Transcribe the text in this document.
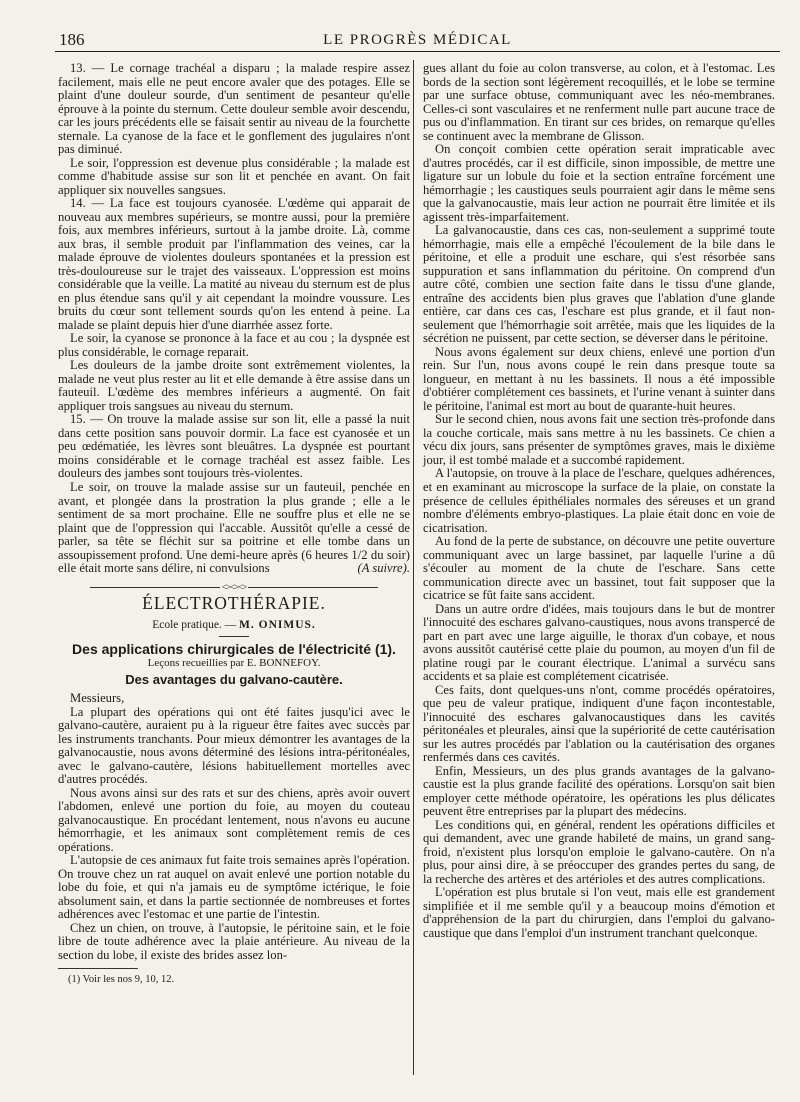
186	LE PROGRÈS MÉDICAL

13. — Le cornage trachéal a disparu ; la malade respire assez facilement, mais elle ne peut encore avaler que des potages. Elle se plaint d'une douleur sourde, d'un sentiment de pesanteur qu'elle éprouve à la pointe du sternum. Cette douleur semble avoir descendu, car les jours précédents elle se faisait sentir au niveau de la fourchette sternale. La cyanose de la face et le gonflement des jugulaires n'ont pas diminué.

Le soir, l'oppression est devenue plus considérable ; la malade est comme d'habitude assise sur son lit et penchée en avant. On fait appliquer six nouvelles sangsues.

14. — La face est toujours cyanosée. L'œdème qui apparait de nouveau aux membres supérieurs, se montre aussi, pour la première fois, aux membres inférieurs, surtout à la jambe droite. Là, comme aux bras, il semble produit par l'inflammation des veines, car la malade éprouve de violentes douleurs spontanées et la pression est très-douloureuse sur le trajet des vaisseaux. L'oppression est moins considérable que la veille. La matité au niveau du sternum est de plus en plus étendue sans qu'il y ait cependant la moindre voussure. Les bruits du cœur sont tellement sourds qu'on les entend à peine. La malade se plaint depuis hier d'une diarrhée assez forte.

Le soir, la cyanose se prononce à la face et au cou ; la dyspnée est plus considérable, le cornage reparait.

Les douleurs de la jambe droite sont extrêmement violentes, la malade ne veut plus rester au lit et elle demande à être assise dans un fauteuil. L'œdème des membres inférieurs a augmenté. On fait appliquer trois sangsues au niveau du sternum.

15. — On trouve la malade assise sur son lit, elle a passé la nuit dans cette position sans pouvoir dormir. La face est cyanosée et un peu œdématiée, les lèvres sont bleuâtres. La dyspnée est pourtant moins considérable et le cornage trachéal est assez faible. Les douleurs des jambes sont toujours très-violentes.

Le soir, on trouve la malade assise sur un fauteuil, penchée en avant, et plongée dans la prostration la plus grande ; elle a le sentiment de sa mort prochaine. Elle ne souffre plus et elle ne se plaint que de l'oppression qui l'accable. Aussitôt qu'elle a cessé de parler, sa tête se fléchit sur sa poitrine et elle tombe dans un assoupissement profond. Une demi-heure après (6 heures 1/2 du soir) elle était morte sans délire, ni convulsions	(A suivre).

<><><>
ÉLECTROTHÉRAPIE.
Ecole pratique. — M. ONIMUS.
Des applications chirurgicales de l'électricité (1).
Leçons recueillies par E. BONNEFOY.
Des avantages du galvano-cautère.

Messieurs,

La plupart des opérations qui ont été faites jusqu'ici avec le galvano-cautère, auraient pu à la rigueur être faites avec succès par les instruments tranchants. Pour mieux démontrer les avantages de la galvanocaustie, nous avons déterminé des lésions intra-péritonéales, avec le galvano-cautère, lésions habituellement mortelles avec d'autres procédés.

Nous avons ainsi sur des rats et sur des chiens, après avoir ouvert l'abdomen, enlevé une portion du foie, au moyen du couteau galvanocaustique. En procédant lentement, nous n'avons eu aucune hémorrhagie, et les animaux sont complètement remis de ces opérations.

L'autopsie de ces animaux fut faite trois semaines après l'opération. On trouve chez un rat auquel on avait enlevé une portion notable du lobe du foie, et qui n'a jamais eu de symptôme ictérique, le foie absolument sain, et dans la partie sectionnée de nombreuses et fortes adhérences avec l'estomac et une partie de l'intestin.

Chez un chien, on trouve, à l'autopsie, le péritoine sain, et le foie libre de toute adhérence avec la plaie antérieure. Au niveau de la section du lobe, il existe des brides assez lon-

(1) Voir les nos 9, 10, 12.

gues allant du foie au colon transverse, au colon, et à l'estomac. Les bords de la section sont légèrement recoquillés, et le lobe se termine par une surface obtuse, communiquant avec les néo-membranes. Celles-ci sont vasculaires et ne renferment nulle part aucune trace de pus ou d'inflammation. En tirant sur ces brides, on remarque qu'elles se continuent avec la membrane de Glisson.

On conçoit combien cette opération serait impraticable avec d'autres procédés, car il est difficile, sinon impossible, de mettre une ligature sur un lobule du foie et la section entraîne forcément une hémorrhagie ; les caustiques seuls pourraient agir dans le même sens que la galvanocaustie, mais leur action ne pourrait être limitée et ils agissent très-imparfaitement.

La galvanocaustie, dans ces cas, non-seulement a supprimé toute hémorrhagie, mais elle a empêché l'écoulement de la bile dans le péritoine, et elle a produit une eschare, qui s'est résorbée sans suppuration et sans inflammation du péritoine. On comprend d'un autre côté, combien une section faite dans le tissu d'une glande, entraîne des accidents bien plus graves que l'ablation d'une glande entière, car dans ces cas, l'eschare est plus grande, et il faut non-seulement que l'hémorrhagie soit arrêtée, mais que les liquides de la sécrétion ne puissent, par cette section, se déverser dans le péritoine.

Nous avons également sur deux chiens, enlevé une portion d'un rein. Sur l'un, nous avons coupé le rein dans presque toute sa longueur, en mettant à nu les bassinets. Il nous a été impossible d'obtiérer complétement ces bassinets, et l'urine venant à suinter dans le péritoine, l'animal est mort au bout de quarante-huit heures.

Sur le second chien, nous avons fait une section très-profonde dans la couche corticale, mais sans mettre à nu les bassinets. Ce chien a vécu dix jours, sans présenter de symptômes graves, mais le dixième jour, il est tombé malade et a succombé rapidement.

A l'autopsie, on trouve à la place de l'eschare, quelques adhérences, et en examinant au microscope la surface de la plaie, on constate la présence de cellules épithéliales normales des séreuses et un grand nombre d'éléments embryo-plastiques. La plaie était donc en voie de cicatrisation.

Au fond de la perte de substance, on découvre une petite ouverture communiquant avec un large bassinet, par laquelle l'urine a dû s'écouler au moment de la chute de l'eschare. Sans cette communication directe avec un bassinet, tout fait supposer que la cicatrice se fût faite sans accident.

Dans un autre ordre d'idées, mais toujours dans le but de montrer l'innocuité des eschares galvano-caustiques, nous avons transpercé de part en part avec une large aiguille, le thorax d'un cobaye, et nous avons aussitôt cautérisé cette plaie du poumon, au moyen d'un fil de platine rougi par le courant électrique. L'animal a survécu sans accidents et sa plaie est complétement cicatrisée.

Ces faits, dont quelques-uns n'ont, comme procédés opératoires, que peu de valeur pratique, indiquent d'une façon incontestable, l'innocuité des eschares galvanocaustiques dans les cavités péritonéales et pleurales, ainsi que la supériorité de cette cautérisation sur les autres procédés par l'ablation ou la cautérisation des organes renfermés dans ces cavités.

Enfin, Messieurs, un des plus grands avantages de la galvano-caustie est la plus grande facilité des opérations. Lorsqu'on sait bien employer cette méthode opératoire, les opérations les plus délicates peuvent être entreprises par la plupart des médecins.

Les conditions qui, en général, rendent les opérations difficiles et qui demandent, avec une grande habileté de mains, un grand sang-froid, n'existent plus lorsqu'on emploie le galvano-cautère. On n'a plus, pour ainsi dire, à se préoccuper des grandes pertes du sang, de la recherche des artères et des artérioles et des autres complications.

L'opération est plus brutale si l'on veut, mais elle est grandement simplifiée et il me semble qu'il y a beaucoup moins d'émotion et d'appréhension de la part du chirurgien, dans l'emploi du galvano-caustique que dans l'emploi d'un instrument tranchant quelconque.
